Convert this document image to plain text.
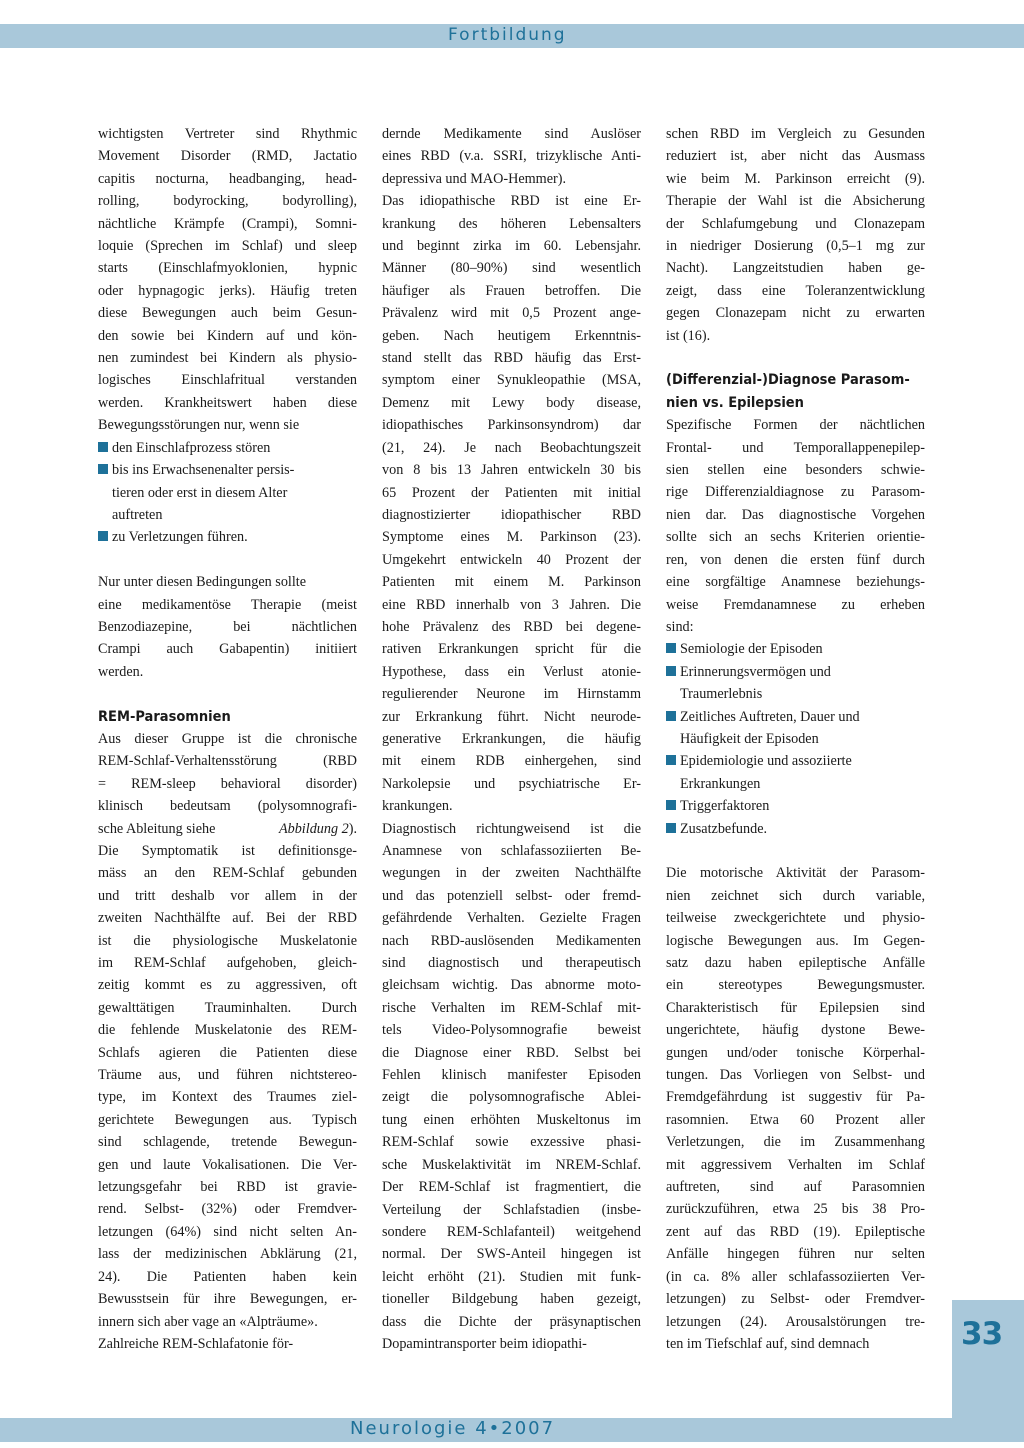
Fortbildung
wichtigsten Vertreter sind Rhythmic
Movement Disorder (RMD, Jactatio
capitis nocturna, headbanging, head-
rolling, bodyrocking, bodyrolling),
nächtliche Krämpfe (Crampi), Somni-
loquie (Sprechen im Schlaf) und sleep
starts (Einschlafmyoklonien, hypnic
oder hypnagogic jerks). Häufig treten
diese Bewegungen auch beim Gesun-
den sowie bei Kindern auf und kön-
nen zumindest bei Kindern als physio-
logisches Einschlafritual verstanden
werden. Krankheitswert haben diese
Bewegungsstörungen nur, wenn sie
den Einschlafprozess stören
bis ins Erwachsenenalter persis-
tieren oder erst in diesem Alter
auftreten
zu Verletzungen führen.
Nur unter diesen Bedingungen sollte
eine medikamentöse Therapie (meist
Benzodiazepine, bei nächtlichen
Crampi auch Gabapentin) initiiert
werden.
REM-Parasomnien
Aus dieser Gruppe ist die chronische
REM-Schlaf-Verhaltensstörung (RBD
= REM-sleep behavioral disorder)
klinisch bedeutsam (polysomnografi-
sche Ableitung siehe	Abbildung 2).
Die Symptomatik ist definitionsge-
mäss an den REM-Schlaf gebunden
und tritt deshalb vor allem in der
zweiten Nachthälfte auf. Bei der RBD
ist die physiologische Muskelatonie
im REM-Schlaf aufgehoben, gleich-
zeitig kommt es zu aggressiven, oft
gewalttätigen Trauminhalten. Durch
die fehlende Muskelatonie des REM-
Schlafs agieren die Patienten diese
Träume aus, und führen nichtstereo-
type, im Kontext des Traumes ziel-
gerichtete Bewegungen aus. Typisch
sind schlagende, tretende Bewegun-
gen und laute Vokalisationen. Die Ver-
letzungsgefahr bei RBD ist gravie-
rend. Selbst- (32%) oder Fremdver-
letzungen (64%) sind nicht selten An-
lass der medizinischen Abklärung (21,
24). Die Patienten haben kein
Bewusstsein für ihre Bewegungen, er-
innern sich aber vage an «Alpträume».
Zahlreiche REM-Schlafatonie för-
dernde Medikamente sind Auslöser
eines RBD (v.a. SSRI, trizyklische Anti-
depressiva und MAO-Hemmer).
Das idiopathische RBD ist eine Er-
krankung des höheren Lebensalters
und beginnt zirka im 60. Lebensjahr.
Männer (80–90%) sind wesentlich
häufiger als Frauen betroffen. Die
Prävalenz wird mit 0,5 Prozent ange-
geben. Nach heutigem Erkenntnis-
stand stellt das RBD häufig das Erst-
symptom einer Synukleopathie (MSA,
Demenz mit Lewy body disease,
idiopathisches Parkinsonsyndrom) dar
(21, 24). Je nach Beobachtungszeit
von 8 bis 13 Jahren entwickeln 30 bis
65 Prozent der Patienten mit initial
diagnostizierter idiopathischer RBD
Symptome eines M. Parkinson (23).
Umgekehrt entwickeln 40 Prozent der
Patienten mit einem M. Parkinson
eine RBD innerhalb von 3 Jahren. Die
hohe Prävalenz des RBD bei degene-
rativen Erkrankungen spricht für die
Hypothese, dass ein Verlust atonie-
regulierender Neurone im Hirnstamm
zur Erkrankung führt. Nicht neurode-
generative Erkrankungen, die häufig
mit einem RDB einhergehen, sind
Narkolepsie und psychiatrische Er-
krankungen.
Diagnostisch richtungweisend ist die
Anamnese von schlafassoziierten Be-
wegungen in der zweiten Nachthälfte
und das potenziell selbst- oder fremd-
gefährdende Verhalten. Gezielte Fragen
nach RBD-auslösenden Medikamenten
sind diagnostisch und therapeutisch
gleichsam wichtig. Das abnorme moto-
rische Verhalten im REM-Schlaf mit-
tels Video-Polysomnografie beweist
die Diagnose einer RBD. Selbst bei
Fehlen klinisch manifester Episoden
zeigt die polysomnografische Ablei-
tung einen erhöhten Muskeltonus im
REM-Schlaf sowie exzessive phasi-
sche Muskelaktivität im NREM-Schlaf.
Der REM-Schlaf ist fragmentiert, die
Verteilung der Schlafstadien (insbe-
sondere REM-Schlafanteil) weitgehend
normal. Der SWS-Anteil hingegen ist
leicht erhöht (21). Studien mit funk-
tioneller Bildgebung haben gezeigt,
dass die Dichte der präsynaptischen
Dopamintransporter beim idiopathi-
schen RBD im Vergleich zu Gesunden
reduziert ist, aber nicht das Ausmass
wie beim M. Parkinson erreicht (9).
Therapie der Wahl ist die Absicherung
der Schlafumgebung und Clonazepam
in niedriger Dosierung (0,5–1 mg zur
Nacht). Langzeitstudien haben ge-
zeigt, dass eine Toleranzentwicklung
gegen Clonazepam nicht zu erwarten
ist (16).
(Differenzial-)Diagnose Parasom-
nien vs. Epilepsien
Spezifische Formen der nächtlichen
Frontal- und Temporallappenepilep-
sien stellen eine besonders schwie-
rige Differenzialdiagnose zu Parasom-
nien dar. Das diagnostische Vorgehen
sollte sich an sechs Kriterien orientie-
ren, von denen die ersten fünf durch
eine sorgfältige Anamnese beziehungs-
weise Fremdanamnese zu erheben
sind:
Semiologie der Episoden
Erinnerungsvermögen und
Traumerlebnis
Zeitliches Auftreten, Dauer und
Häufigkeit der Episoden
Epidemiologie und assoziierte
Erkrankungen
Triggerfaktoren
Zusatzbefunde.
Die motorische Aktivität der Parasom-
nien zeichnet sich durch variable,
teilweise zweckgerichtete und physio-
logische Bewegungen aus. Im Gegen-
satz dazu haben epileptische Anfälle
ein stereotypes Bewegungsmuster.
Charakteristisch für Epilepsien sind
ungerichtete, häufig dystone Bewe-
gungen und/oder tonische Körperhal-
tungen. Das Vorliegen von Selbst- und
Fremdgefährdung ist suggestiv für Pa-
rasomnien. Etwa 60 Prozent aller
Verletzungen, die im Zusammenhang
mit aggressivem Verhalten im Schlaf
auftreten, sind auf Parasomnien
zurückzuführen, etwa 25 bis 38 Pro-
zent auf das RBD (19). Epileptische
Anfälle hingegen führen nur selten
(in ca. 8% aller schlafassoziierten Ver-
letzungen) zu Selbst- oder Fremdver-
letzungen (24). Arousalstörungen tre-
ten im Tiefschlaf auf, sind demnach	33
Neurologie 4•2007
